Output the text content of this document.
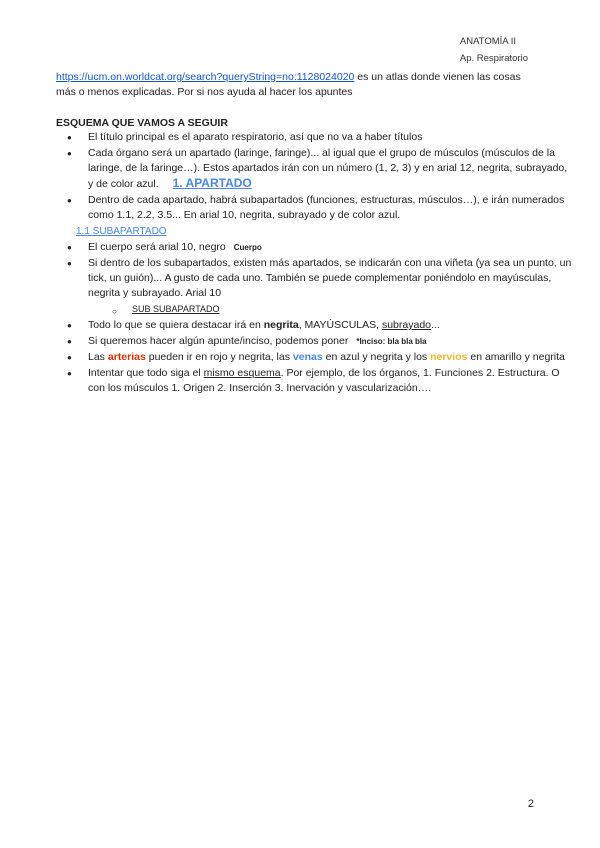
ANATOMÍA II
Ap. Respiratorio
https://ucm.on.worldcat.org/search?queryString=no:1128024020 es un atlas donde vienen las cosas más o menos explicadas. Por si nos ayuda al hacer los apuntes
ESQUEMA QUE VAMOS A SEGUIR
● El título principal es el aparato respiratorio, así que no va a haber títulos
● Cada órgano será un apartado (laringe, faringe)... al igual que el grupo de músculos (músculos de la laringe, de la faringe…). Estos apartados irán con un número (1, 2, 3) y en arial 12, negrita, subrayado, y de color azul. 1. APARTADO
● Dentro de cada apartado, habrá subapartados (funciones, estructuras, músculos…), e irán numerados como 1.1, 2.2, 3.5... En arial 10, negrita, subrayado y de color azul.
1.1 SUBAPARTADO
● El cuerpo será arial 10, negro Cuerpo
● Si dentro de los subapartados, existen más apartados, se indicarán con una viñeta (ya sea un punto, un tick, un guión)... A gusto de cada uno. También se puede complementar poniéndolo en mayúsculas, negrita y subrayado. Arial 10
○ SUB SUBAPARTADO
● Todo lo que se quiera destacar irá en negrita, MAYÚSCULAS, subrayado...
● Si queremos hacer algún apunte/inciso, podemos poner *Inciso: bla bla bla
● Las arterias pueden ir en rojo y negrita, las venas en azul y negrita y los nervios en amarillo y negrita
● Intentar que todo siga el mismo esquema. Por ejemplo, de los órganos, 1. Funciones 2. Estructura. O con los músculos 1. Origen 2. Inserción 3. Inervación y vascularización….
2
